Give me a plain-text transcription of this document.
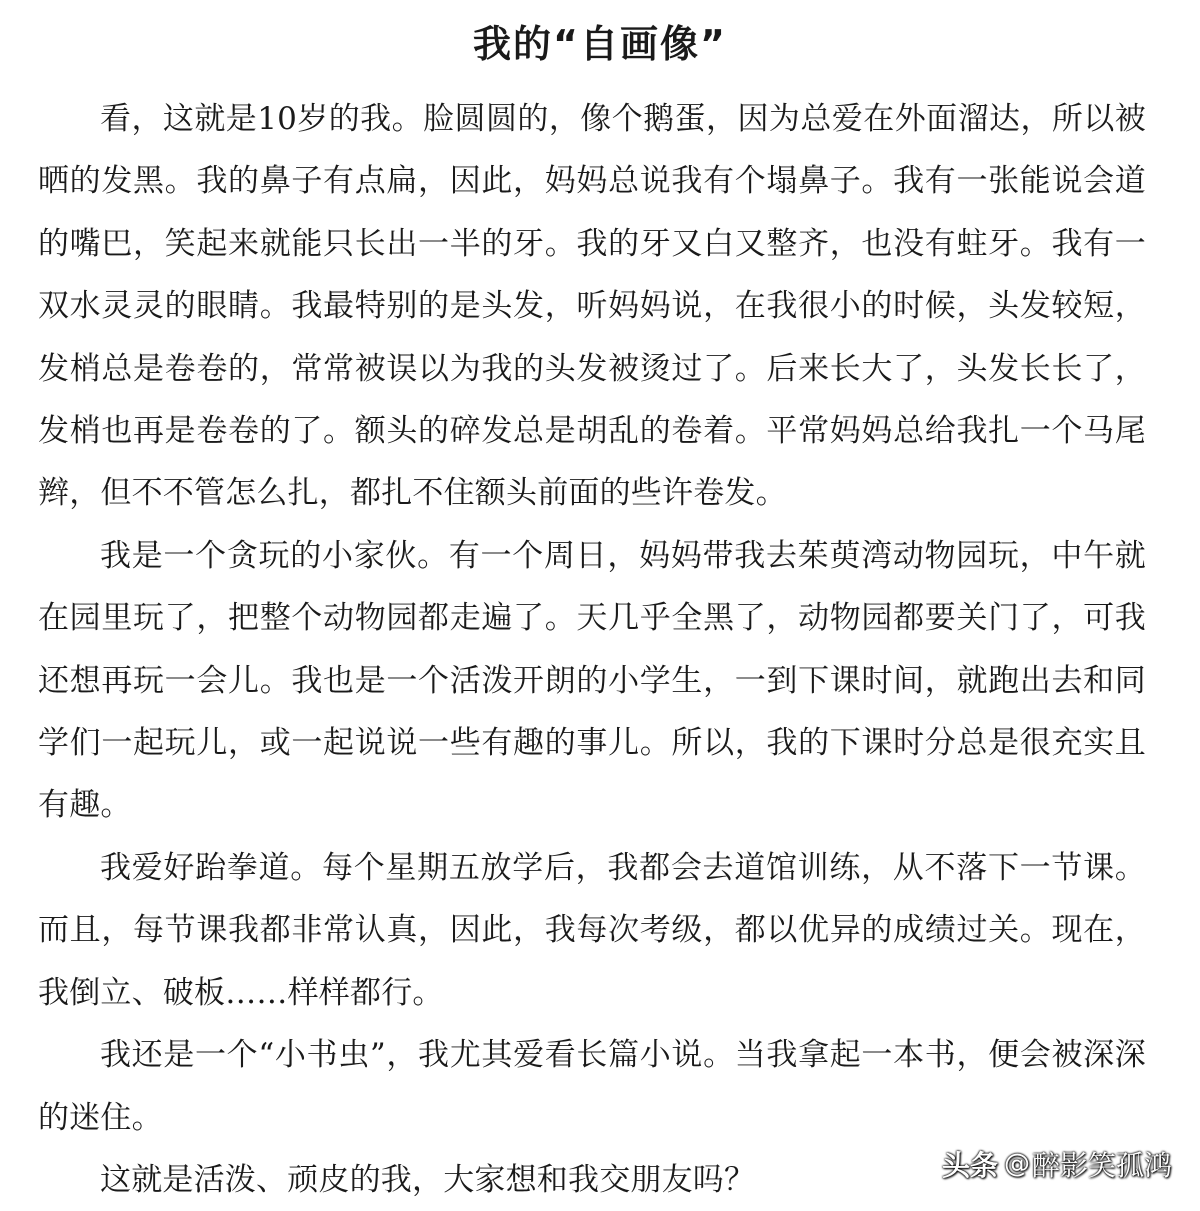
我的“自画像”

看，这就是10岁的我。脸圆圆的，像个鹅蛋，因为总爱在外面溜达，所以被晒的发黑。我的鼻子有点扁，因此，妈妈总说我有个塌鼻子。我有一张能说会道的嘴巴，笑起来就能只长出一半的牙。我的牙又白又整齐，也没有蛀牙。我有一双水灵灵的眼睛。我最特别的是头发，听妈妈说，在我很小的时候，头发较短，发梢总是卷卷的，常常被误以为我的头发被烫过了。后来长大了，头发长长了，发梢也再是卷卷的了。额头的碎发总是胡乱的卷着。平常妈妈总给我扎一个马尾辫，但不不管怎么扎，都扎不住额头前面的些许卷发。

我是一个贪玩的小家伙。有一个周日，妈妈带我去茱萸湾动物园玩，中午就在园里玩了，把整个动物园都走遍了。天几乎全黑了，动物园都要关门了，可我还想再玩一会儿。我也是一个活泼开朗的小学生，一到下课时间，就跑出去和同学们一起玩儿，或一起说说一些有趣的事儿。所以，我的下课时分总是很充实且有趣。

我爱好跆拳道。每个星期五放学后，我都会去道馆训练，从不落下一节课。而且，每节课我都非常认真，因此，我每次考级，都以优异的成绩过关。现在，我倒立、破板……样样都行。

我还是一个“小书虫”，我尤其爱看长篇小说。当我拿起一本书，便会被深深的迷住。

这就是活泼、顽皮的我，大家想和我交朋友吗？	头条 @ 醉影笑孤鸿
